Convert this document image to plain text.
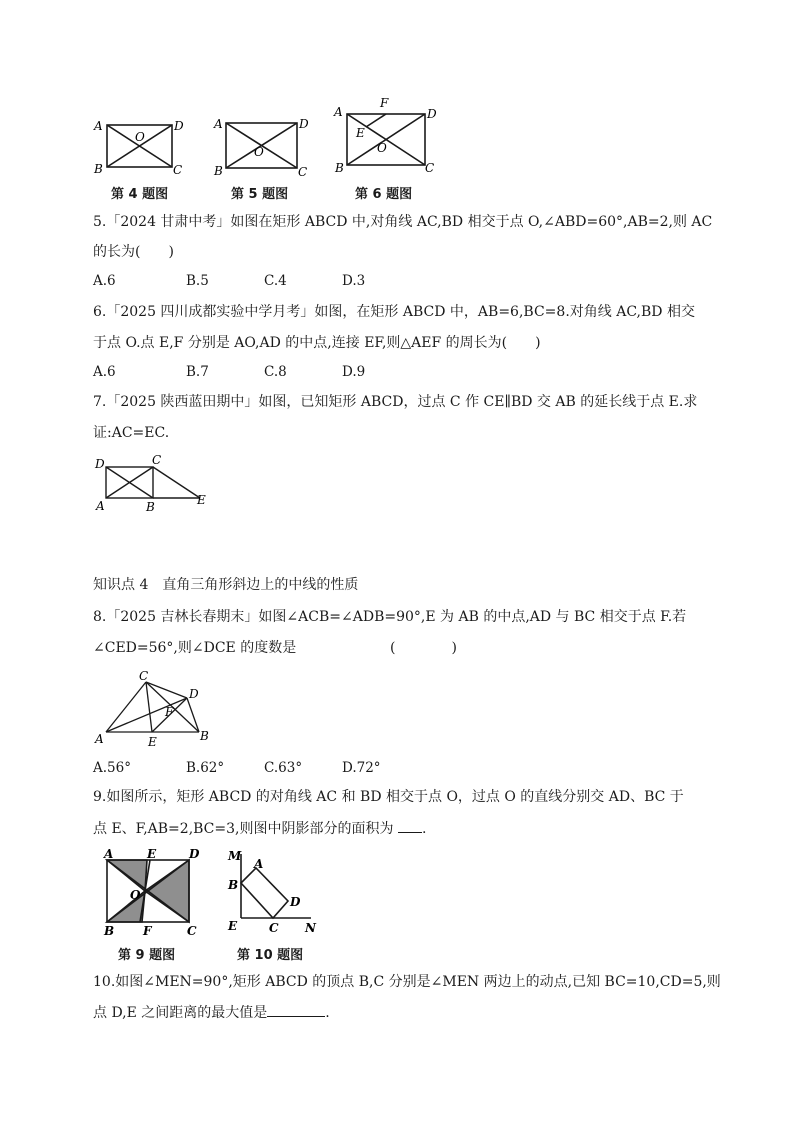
A
B	C
D
O
第 4 题图
A
B	C
D
O
第 5 题图
A
B	C
D
O
E
F
第 6 题图
5.「2024 甘肃中考」如图在矩形 ABCD 中,对角线 AC,BD 相交于点 O,∠ABD=60°,AB=2,则 AC
的长为(　　)
A.6	B.5	C.4	D.3
6.「2025 四川成都实验中学月考」如图，在矩形 ABCD 中，AB=6,BC=8.对角线 AC,BD 相交
于点 O.点 E,F 分别是 AO,AD 的中点,连接 EF,则△AEF 的周长为(　　)
A.6	B.7	C.8	D.9
7.「2025 陕西蓝田期中」如图，已知矩形 ABCD，过点 C 作 CE∥BD 交 AB 的延长线于点 E.求
证:AC=EC.
D	C
A	B	E
知识点 4　直角三角形斜边上的中线的性质
8.「2025 吉林长春期末」如图∠ACB=∠ADB=90°,E 为 AB 的中点,AD 与 BC 相交于点 F.若
∠CED=56°,则∠DCE 的度数是	(　　　　)
A	B
C
D
E
F
A.56°	B.62°	C.63°	D.72°
9.如图所示，矩形 ABCD 的对角线 AC 和 BD 相交于点 O，过点 O 的直线分别交 AD、BC 于
点 E、F,AB=2,BC=3,则图中阴影部分的面积为 .
A
B	C
D
E
F
O
第 9 题图
M
N
E
A
B
C
D
第 10 题图
10.如图∠MEN=90°,矩形 ABCD 的顶点 B,C 分别是∠MEN 两边上的动点,已知 BC=10,CD=5,则
点 D,E 之间距离的最大值是	.
